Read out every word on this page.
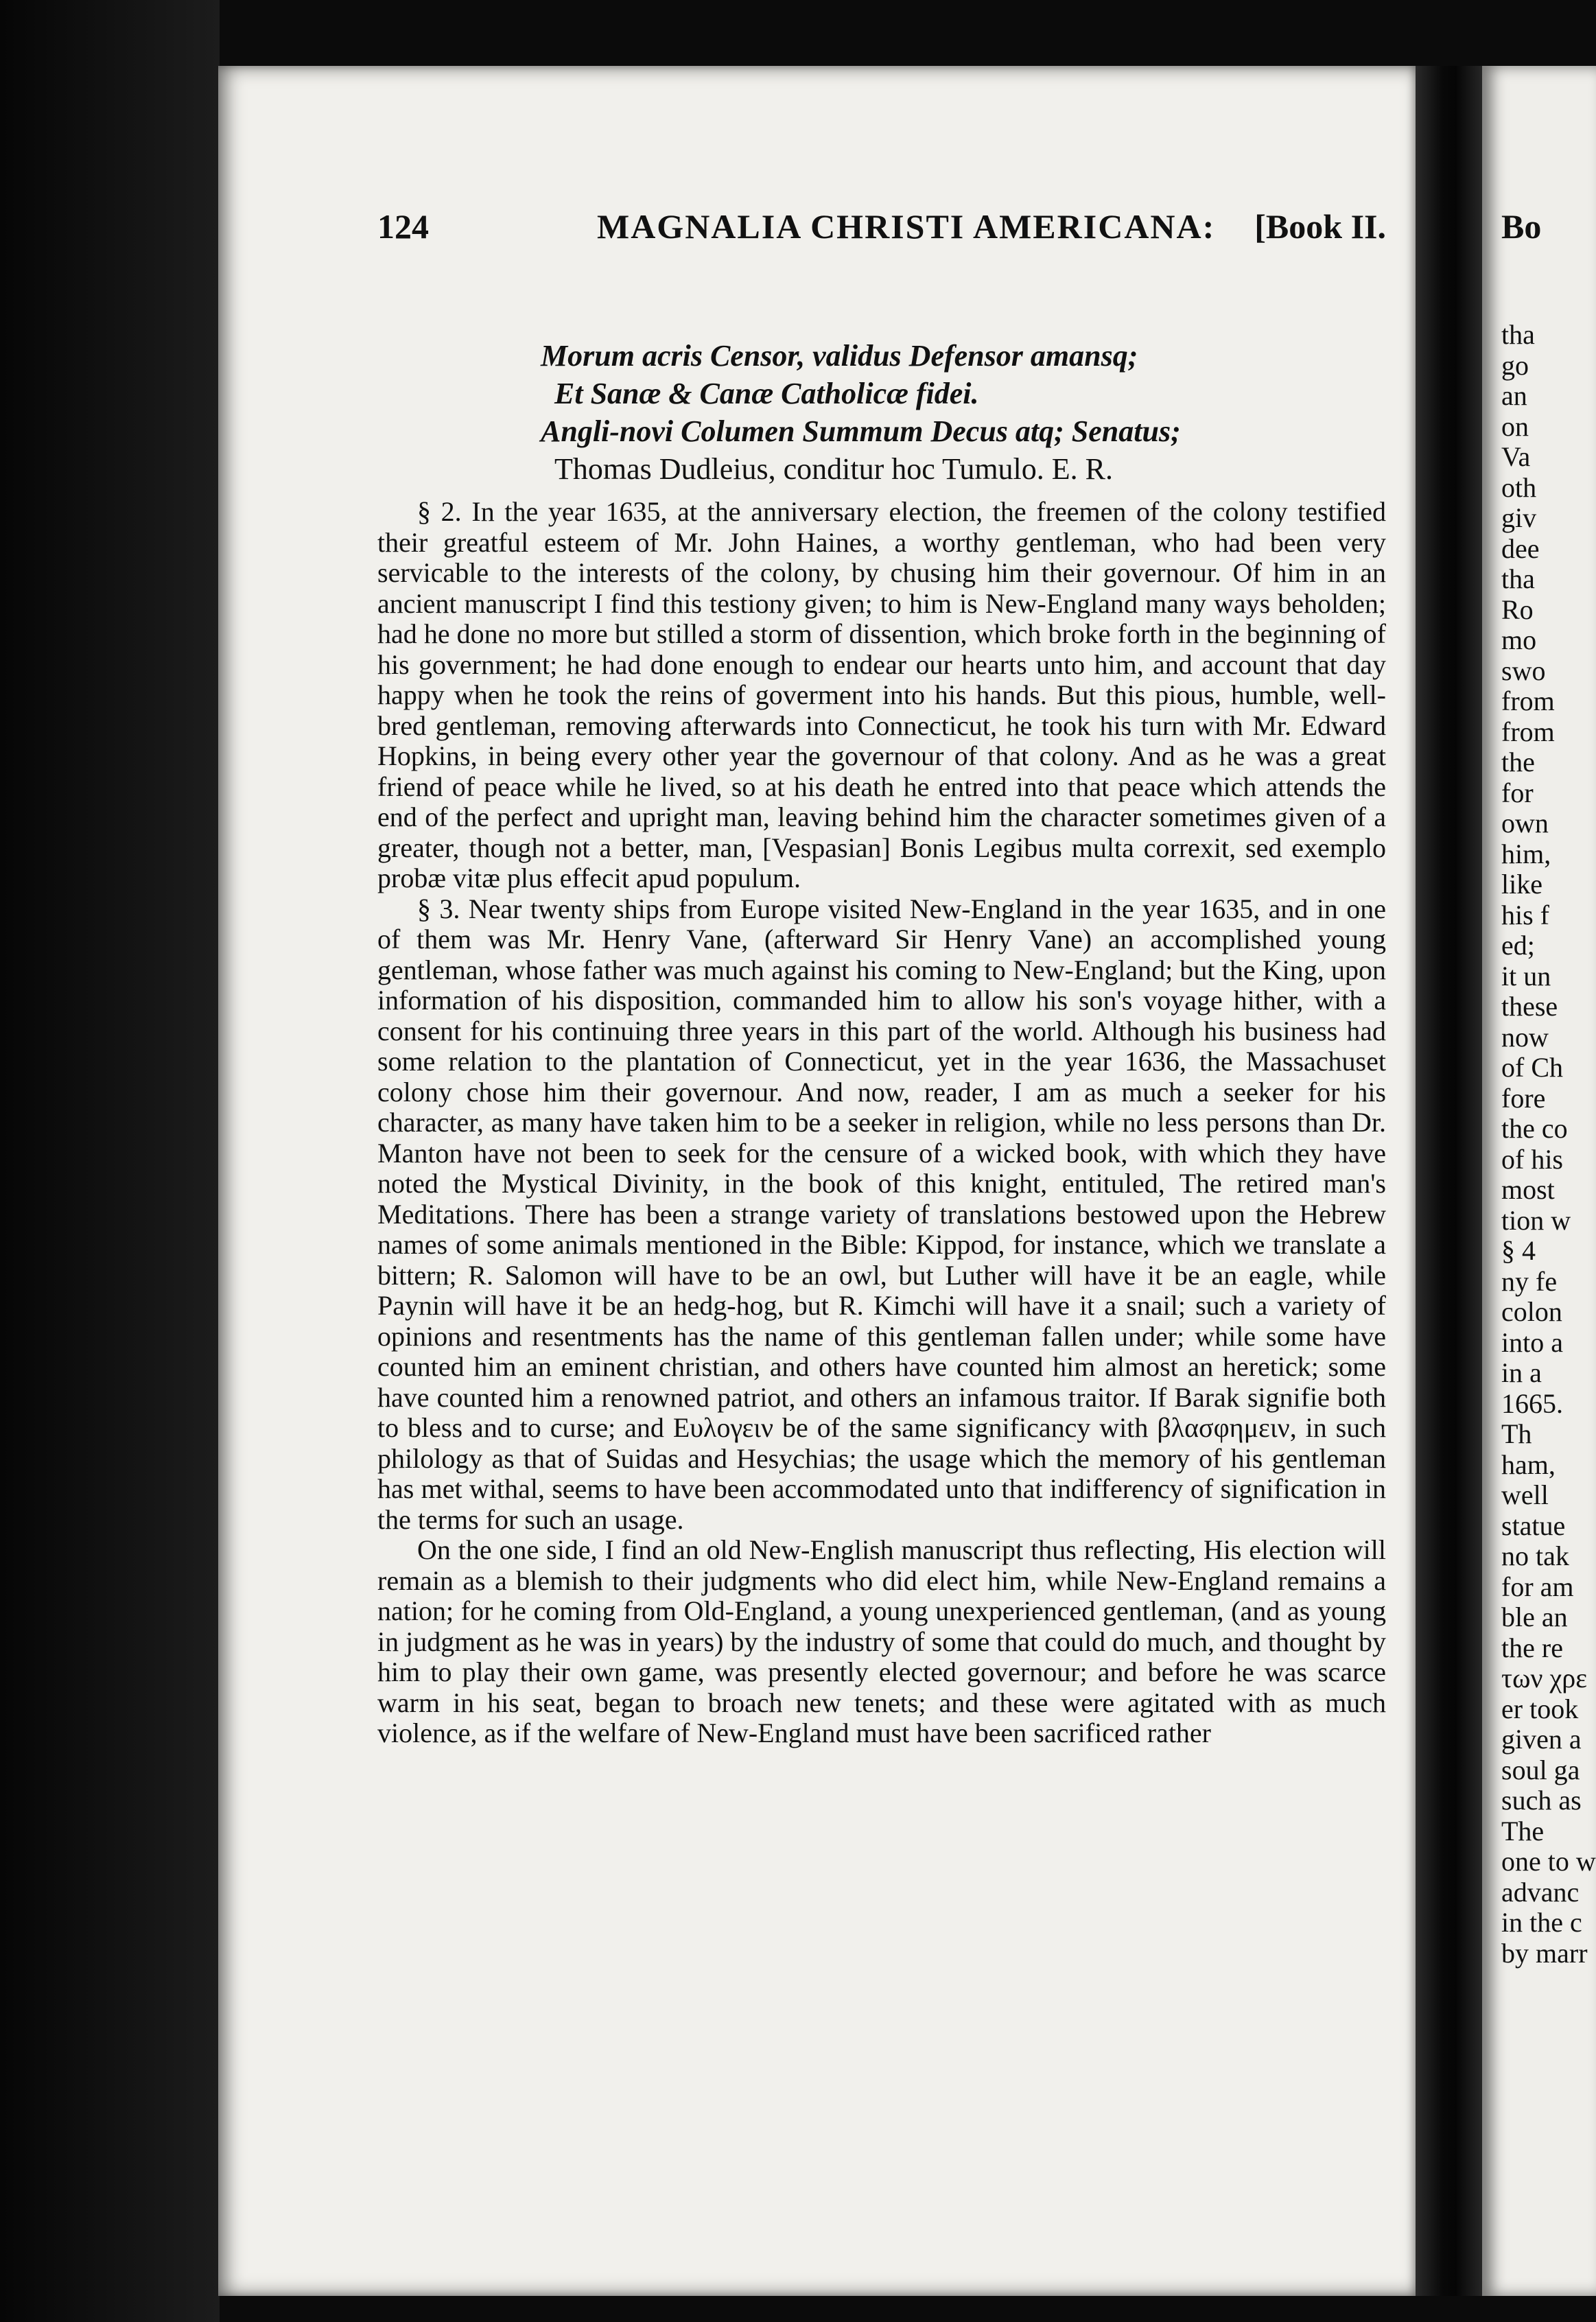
124	MAGNALIA CHRISTI AMERICANA: [Book II.
Morum acris Censor, validus Defensor amansq;
Et Sanæ & Canæ Catholicæ fidei.
Angli-novi Columen Summum Decus atq; Senatus;
Thomas Dudleius, conditur hoc Tumulo. E. R.

§ 2. In the year 1635, at the anniversary election, the freemen of the colony testified their greatful esteem of Mr. John Haines, a worthy gentleman, who had been very servicable to the interests of the colony, by chusing him their governour. Of him in an ancient manuscript I find this testiony given; to him is New-England many ways beholden; had he done no more but stilled a storm of dissention, which broke forth in the beginning of his government; he had done enough to endear our hearts unto him, and account that day happy when he took the reins of goverment into his hands. But this pious, humble, well-bred gentleman, removing afterwards into Connecticut, he took his turn with Mr. Edward Hopkins, in being every other year the governour of that colony. And as he was a great friend of peace while he lived, so at his death he entred into that peace which attends the end of the perfect and upright man, leaving behind him the character sometimes given of a greater, though not a better, man, [Vespasian] Bonis Legibus multa correxit, sed exemplo probæ vitæ plus effecit apud populum.

§ 3. Near twenty ships from Europe visited New-England in the year 1635, and in one of them was Mr. Henry Vane, (afterward Sir Henry Vane) an accomplished young gentleman, whose father was much against his coming to New-England; but the King, upon information of his disposition, commanded him to allow his son's voyage hither, with a consent for his continuing three years in this part of the world. Although his business had some relation to the plantation of Connecticut, yet in the year 1636, the Massachuset colony chose him their governour. And now, reader, I am as much a seeker for his character, as many have taken him to be a seeker in religion, while no less persons than Dr. Manton have not been to seek for the censure of a wicked book, with which they have noted the Mystical Divinity, in the book of this knight, entituled, The retired man's Meditations. There has been a strange variety of translations bestowed upon the Hebrew names of some animals mentioned in the Bible: Kippod, for instance, which we translate a bittern; R. Salomon will have to be an owl, but Luther will have it be an eagle, while Paynin will have it be an hedg-hog, but R. Kimchi will have it a snail; such a variety of opinions and resentments has the name of this gentleman fallen under; while some have counted him an eminent christian, and others have counted him almost an heretick; some have counted him a renowned patriot, and others an infamous traitor. If Barak signifie both to bless and to curse; and Ευλογειν be of the same significancy with βλασφημειν, in such philology as that of Suidas and Hesychias; the usage which the memory of his gentleman has met withal, seems to have been accommodated unto that indifferency of signification in the terms for such an usage.

On the one side, I find an old New-English manuscript thus reflecting, His election will remain as a blemish to their judgments who did elect him, while New-England remains a nation; for he coming from Old-England, a young unexperienced gentleman, (and as young in judgment as he was in years) by the industry of some that could do much, and thought by him to play their own game, was presently elected governour; and before he was scarce warm in his seat, began to broach new tenets; and these were agitated with as much violence, as if the welfare of New-England must have been sacrificed rather

Bo
tha
go
an
on
Va
oth
giv
dee
tha
Ro
mo
swo
from
from
the
for
own
him,
like
his f
ed;
it un
these
now
of Ch
fore
the co
of his
most
tion w
§ 4
ny fe
colon
into a
in a
1665.
Th
ham,
well
statue
no tak
for am
ble an
the re
των χρε
er took
given a
soul ga
such as
The
one to w
advanc
in the c
by marr
